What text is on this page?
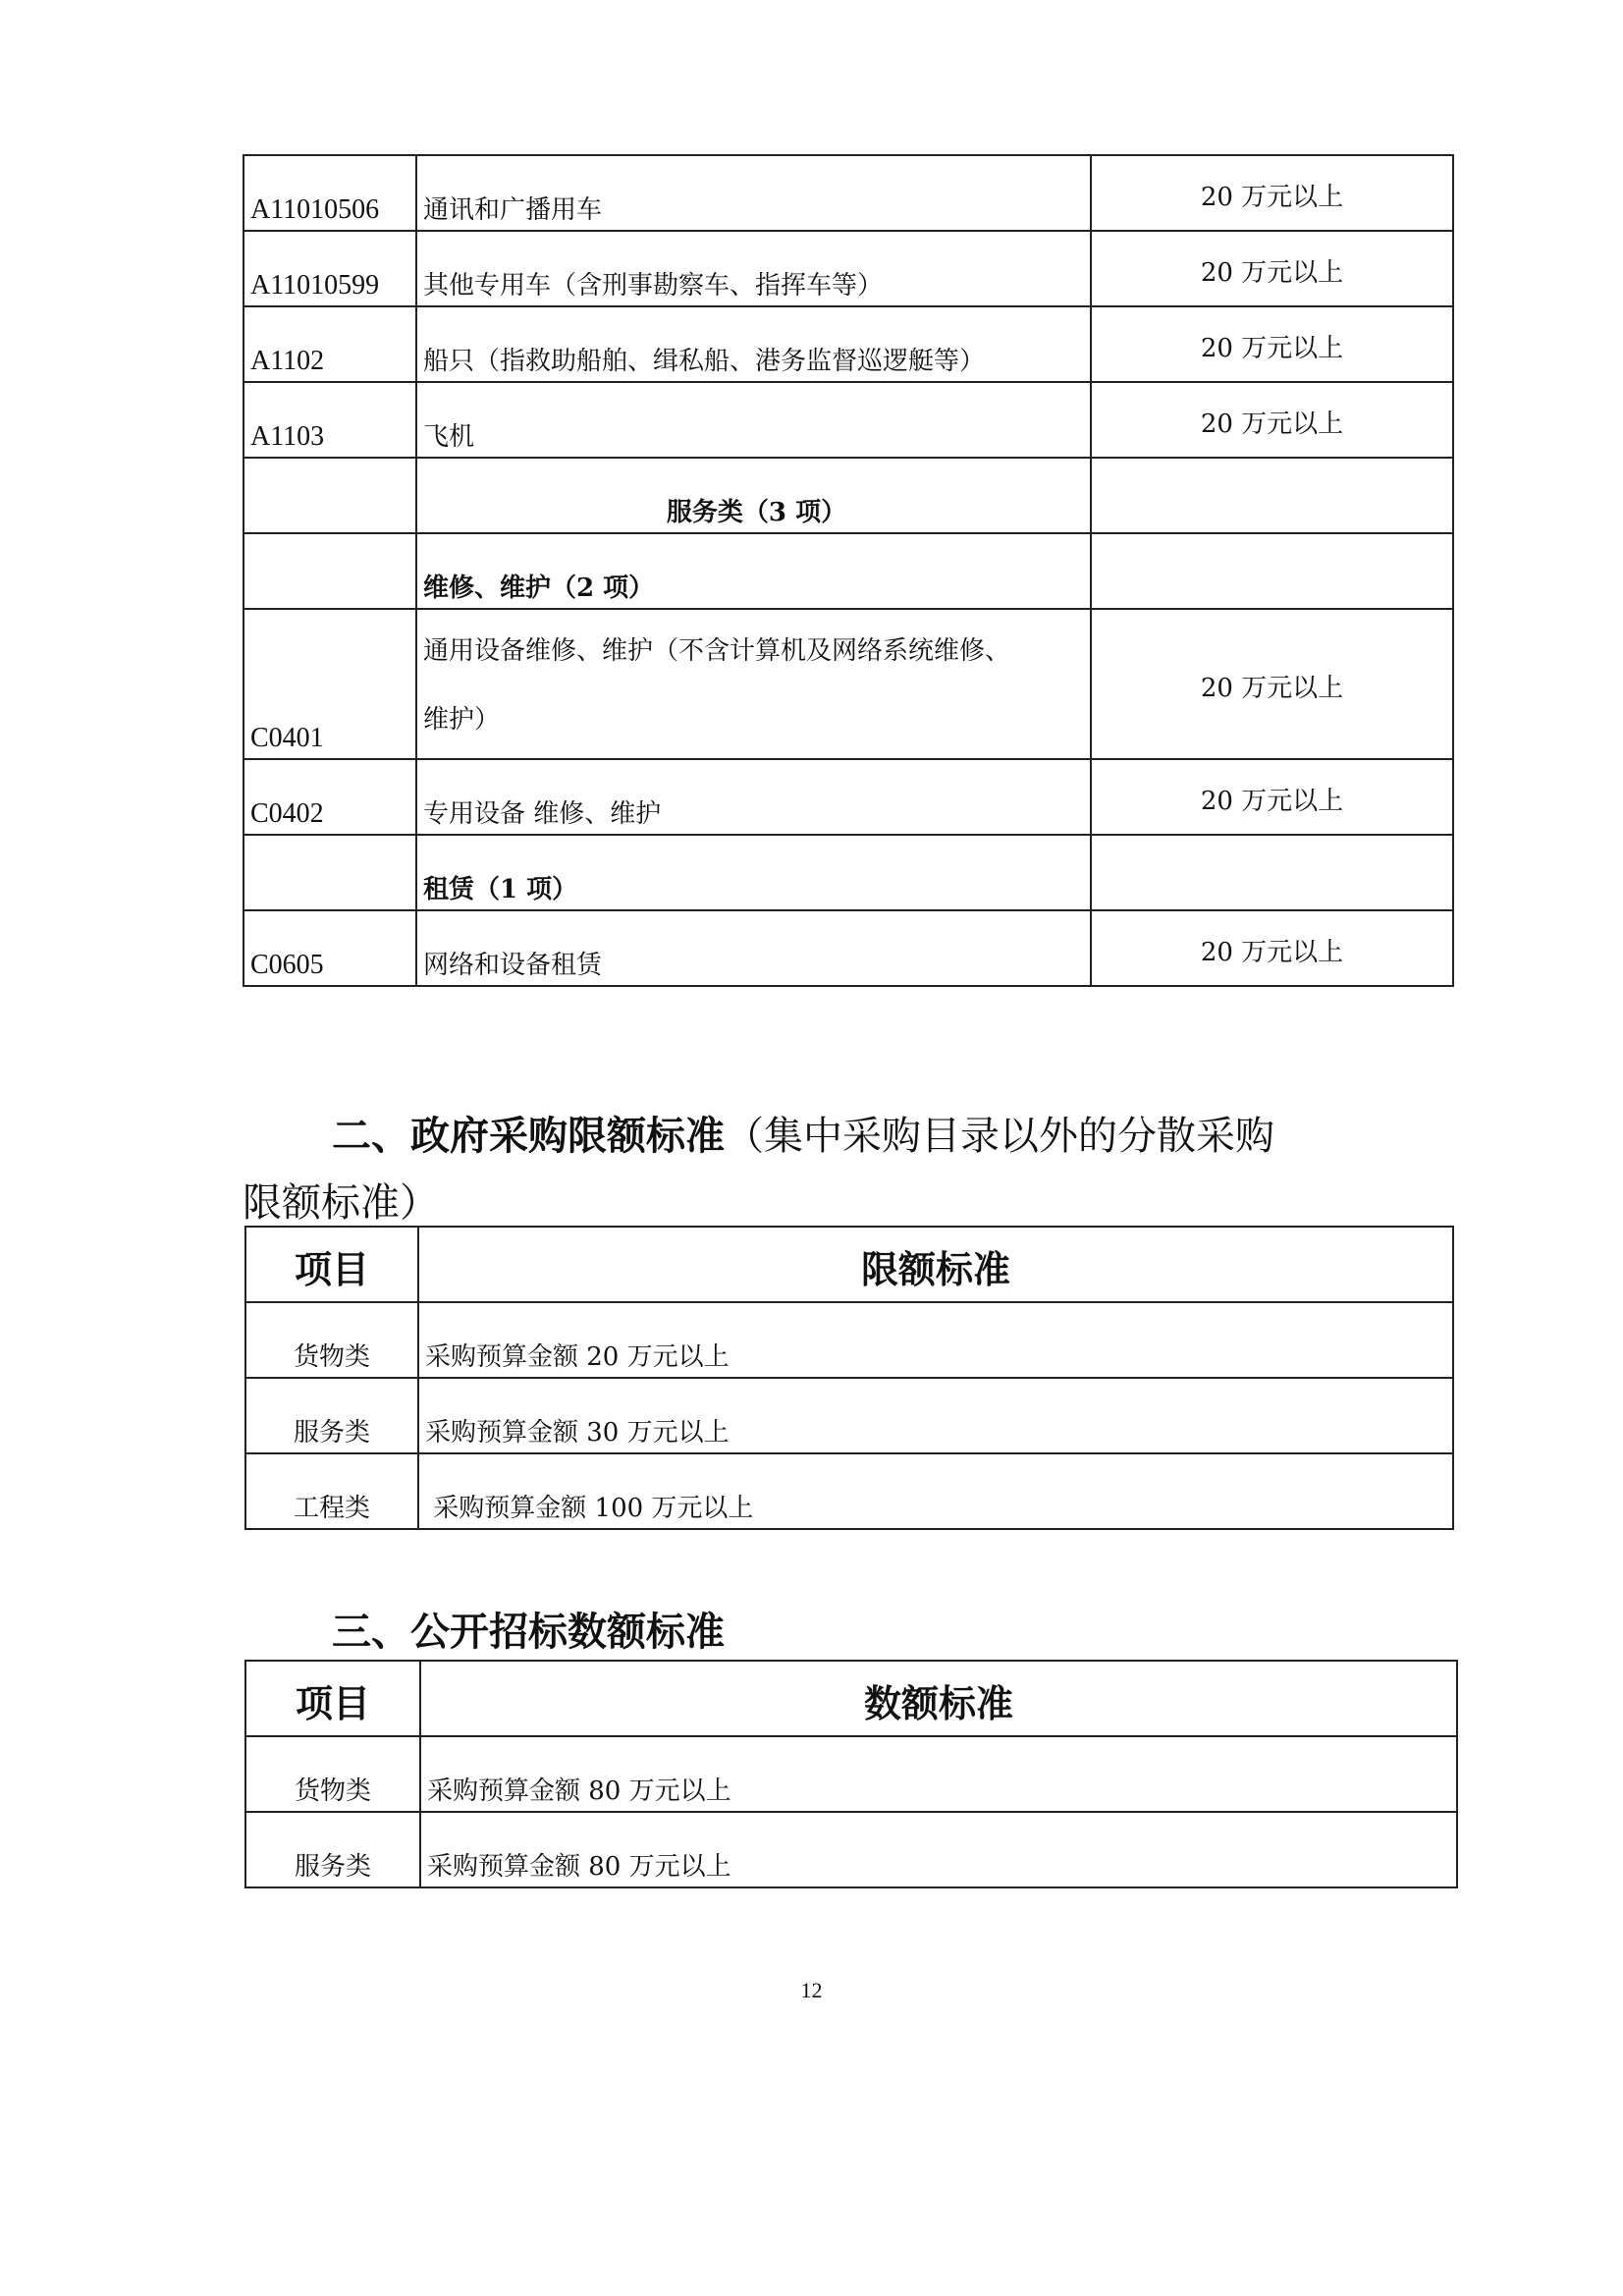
A11010506	通讯和广播用车	20 万元以上
A11010599	其他专用车（含刑事勘察车、指挥车等）	20 万元以上
A1102	船只（指救助船舶、缉私船、港务监督巡逻艇等）	20 万元以上
A1103	飞机	20 万元以上
	服务类（3 项）	
	维修、维护（2 项）	
C0401	通用设备维修、维护（不含计算机及网络系统维修、
维护）	20 万元以上
C0402	专用设备 维修、维护	20 万元以上
	租赁（1 项）	
C0605	网络和设备租赁	20 万元以上
二、政府采购限额标准（集中采购目录以外的分散采购
限额标准）
项目	限额标准
货物类	采购预算金额 20 万元以上
服务类	采购预算金额 30 万元以上
工程类	采购预算金额 100 万元以上
三、公开招标数额标准
项目	数额标准
货物类	采购预算金额 80 万元以上
服务类	采购预算金额 80 万元以上
12
